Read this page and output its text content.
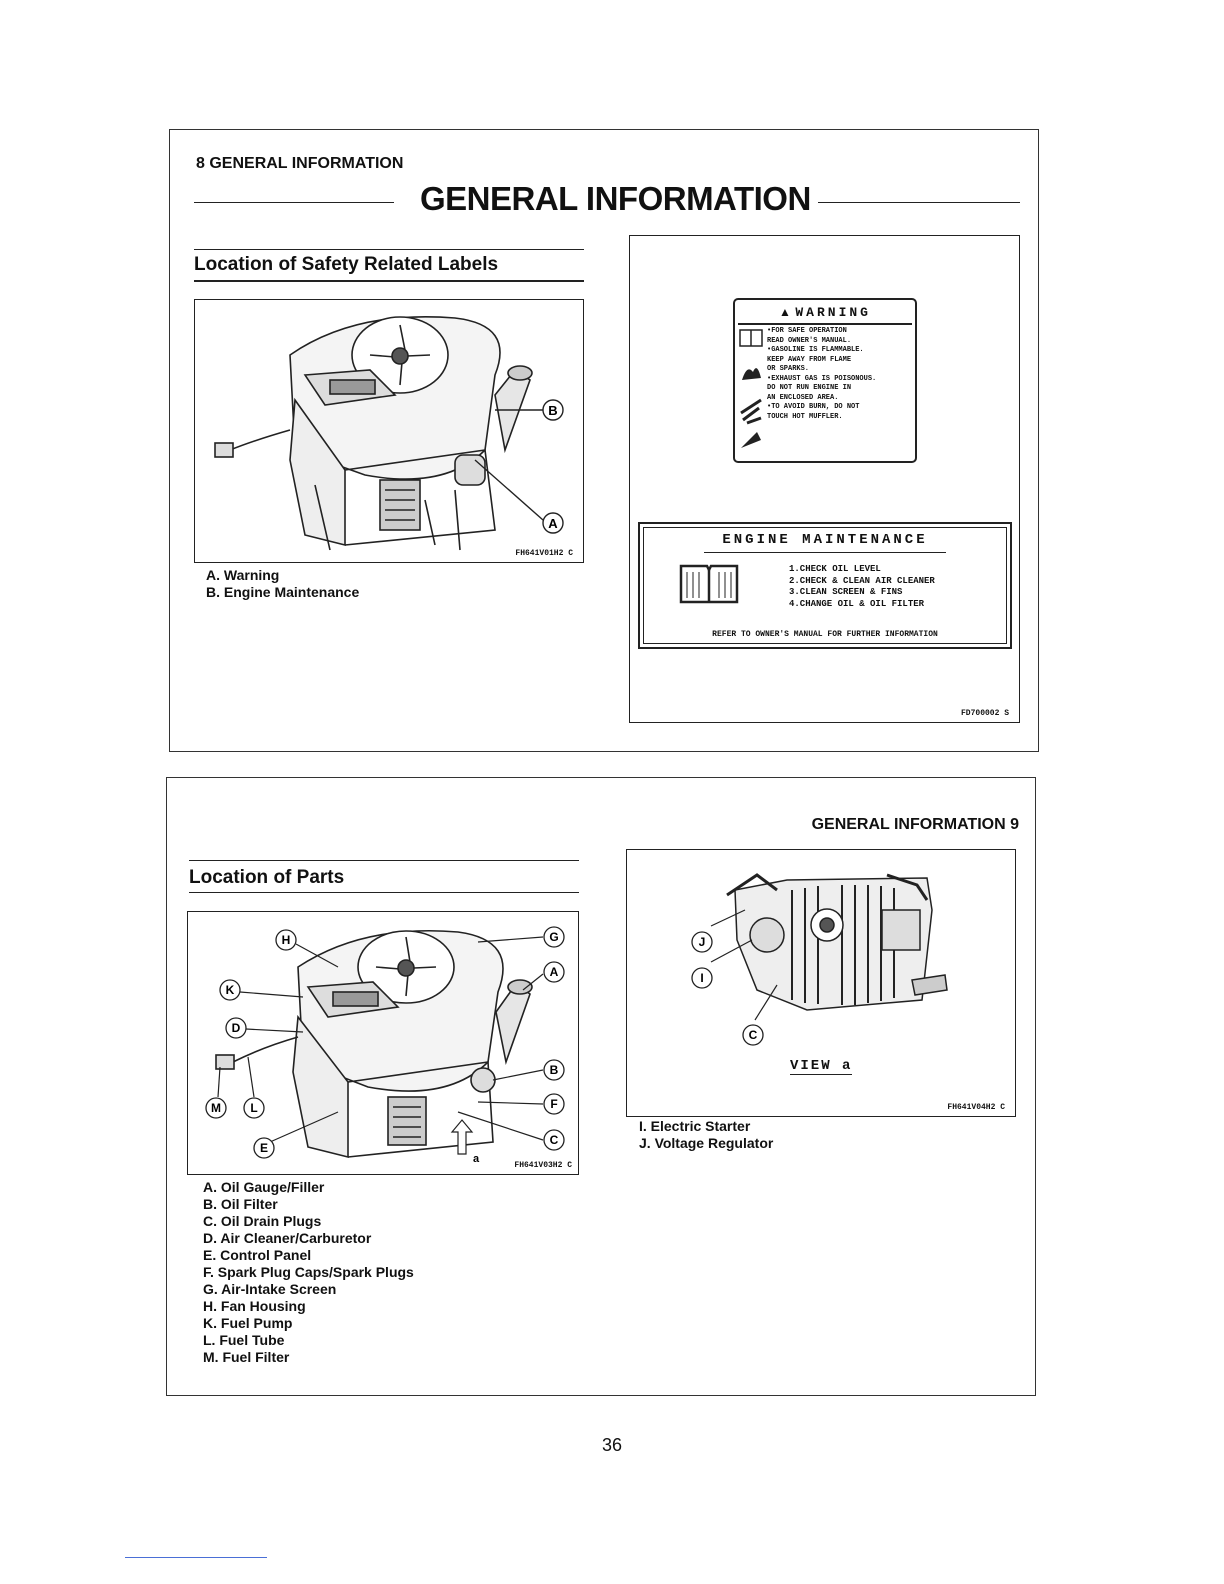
8 GENERAL INFORMATION
GENERAL INFORMATION
Location of Safety Related Labels
B
A
FH641V01H2 C
A. Warning
B. Engine Maintenance
▲ WARNING
•FOR SAFE OPERATION
READ OWNER'S MANUAL.
•GASOLINE IS FLAMMABLE.
KEEP AWAY FROM FLAME
OR SPARKS.
•EXHAUST GAS IS POISONOUS.
DO NOT RUN ENGINE IN
AN ENCLOSED AREA.
•TO AVOID BURN, DO NOT
TOUCH HOT MUFFLER.
ENGINE MAINTENANCE
1.CHECK OIL LEVEL
2.CHECK & CLEAN AIR CLEANER
3.CLEAN SCREEN & FINS
4.CHANGE OIL & OIL FILTER
REFER TO OWNER'S MANUAL FOR FURTHER INFORMATION
FD700002 S
GENERAL INFORMATION 9
Location of Parts
H	G
A
K
D
B
F
C
M L
E
a
FH641V03H2 C
A. Oil Gauge/Filler
B. Oil Filter
C. Oil Drain Plugs
D. Air Cleaner/Carburetor
E. Control Panel
F. Spark Plug Caps/Spark Plugs
G. Air-Intake Screen
H. Fan Housing
K. Fuel Pump
L. Fuel Tube
M. Fuel Filter
J
I
C
VIEW a
FH641V04H2 C
I. Electric Starter
J. Voltage Regulator
36
